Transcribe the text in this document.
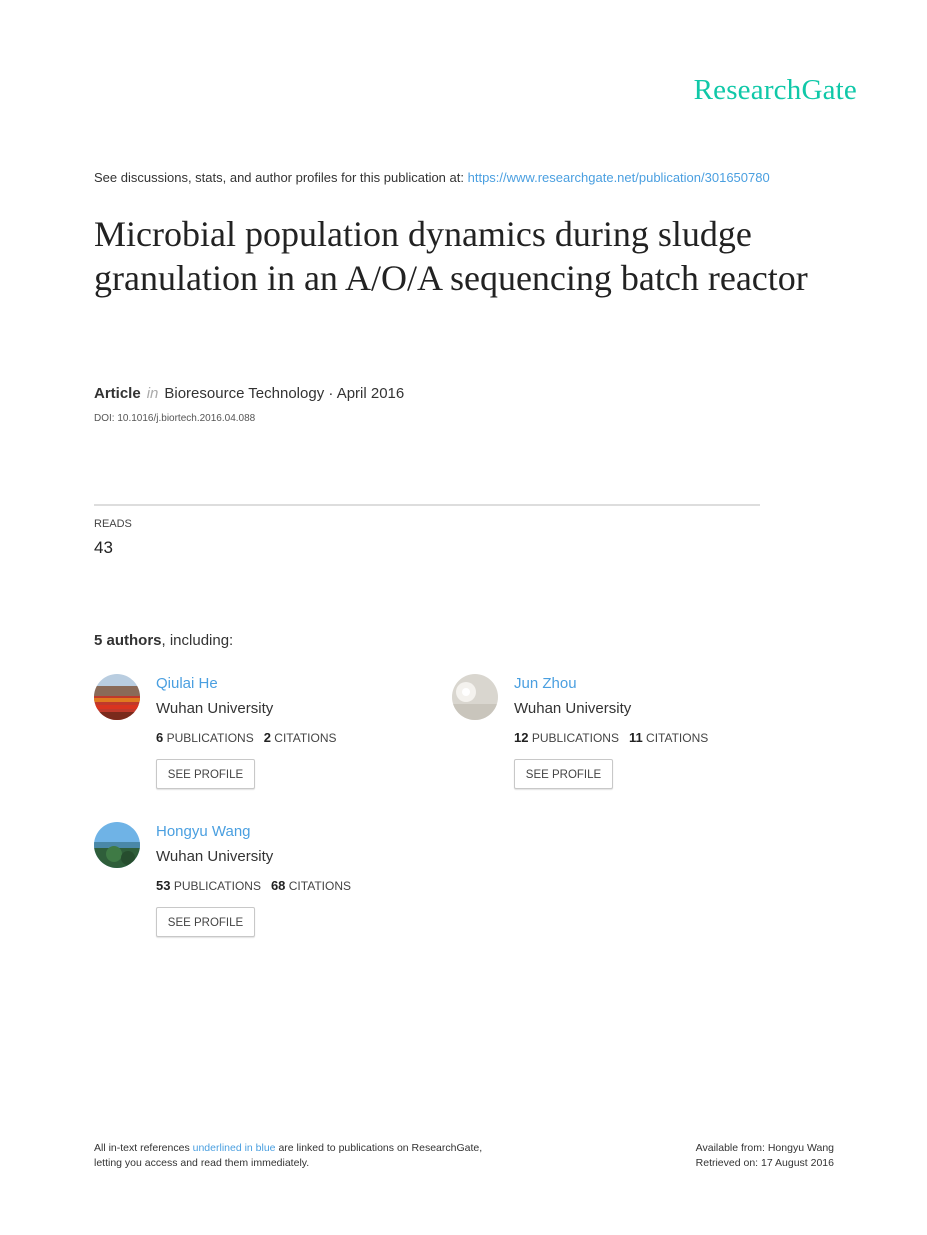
ResearchGate
See discussions, stats, and author profiles for this publication at: https://www.researchgate.net/publication/301650780
Microbial population dynamics during sludge granulation in an A/O/A sequencing batch reactor
Article in Bioresource Technology · April 2016
DOI: 10.1016/j.biortech.2016.04.088
READS
43
5 authors, including:
Qiulai He
Wuhan University
6 PUBLICATIONS 2 CITATIONS
SEE PROFILE
Jun Zhou
Wuhan University
12 PUBLICATIONS 11 CITATIONS
SEE PROFILE
Hongyu Wang
Wuhan University
53 PUBLICATIONS 68 CITATIONS
SEE PROFILE
All in-text references underlined in blue are linked to publications on ResearchGate,
letting you access and read them immediately.
Available from: Hongyu Wang
Retrieved on: 17 August 2016
